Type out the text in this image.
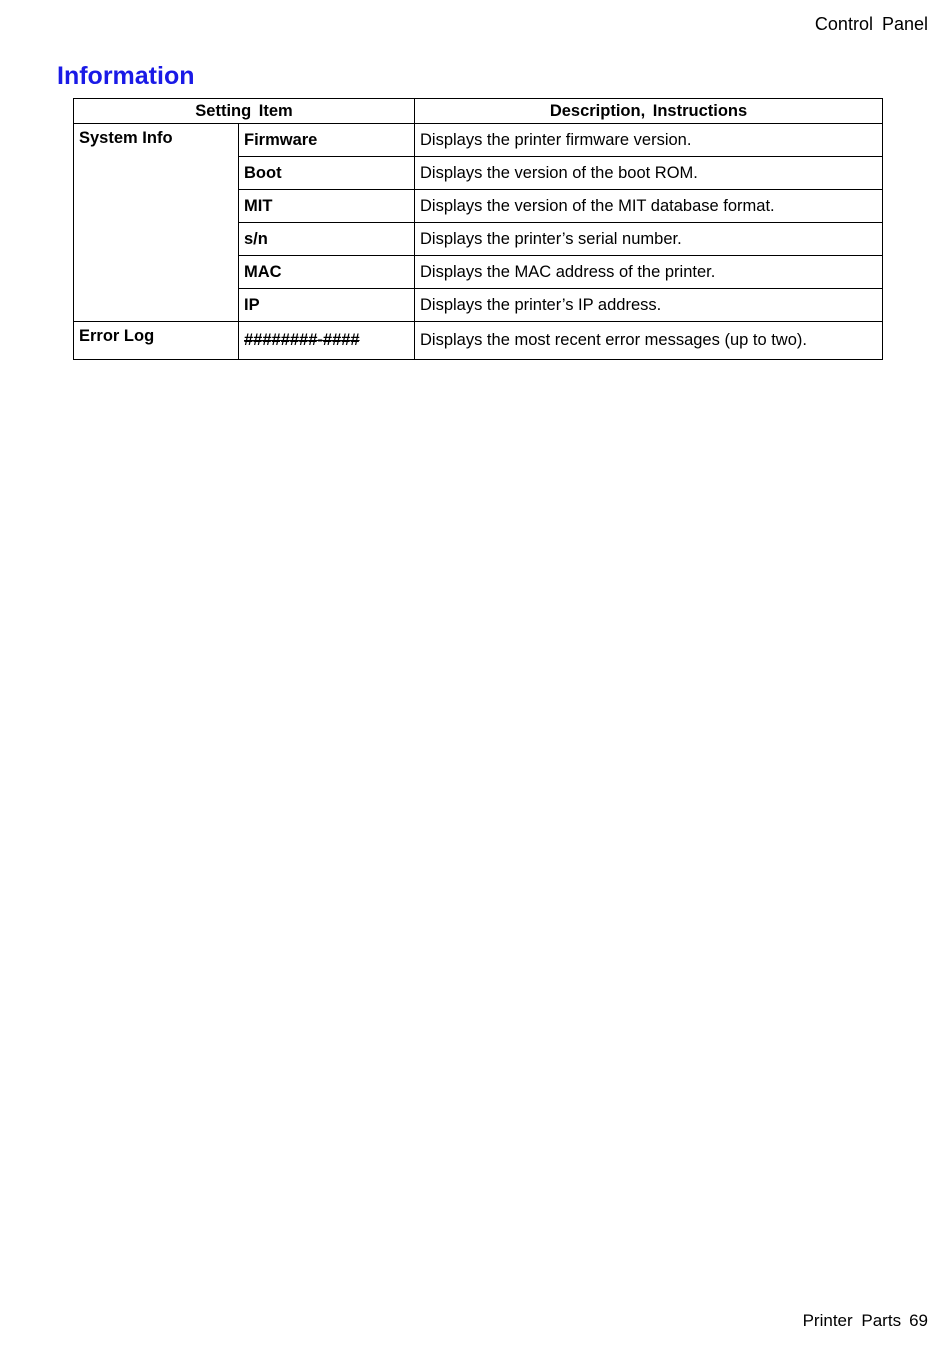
Control Panel
Information
Setting Item		Description, Instructions
System Info	Firmware	Displays the printer firmware version.
	Boot	Displays the version of the boot ROM.
	MIT	Displays the version of the MIT database format.
	s/n	Displays the printer’s serial number.
	MAC	Displays the MAC address of the printer.
	IP	Displays the printer’s IP address.
Error Log	########-####	Displays the most recent error messages (up to two).
Printer Parts 69
